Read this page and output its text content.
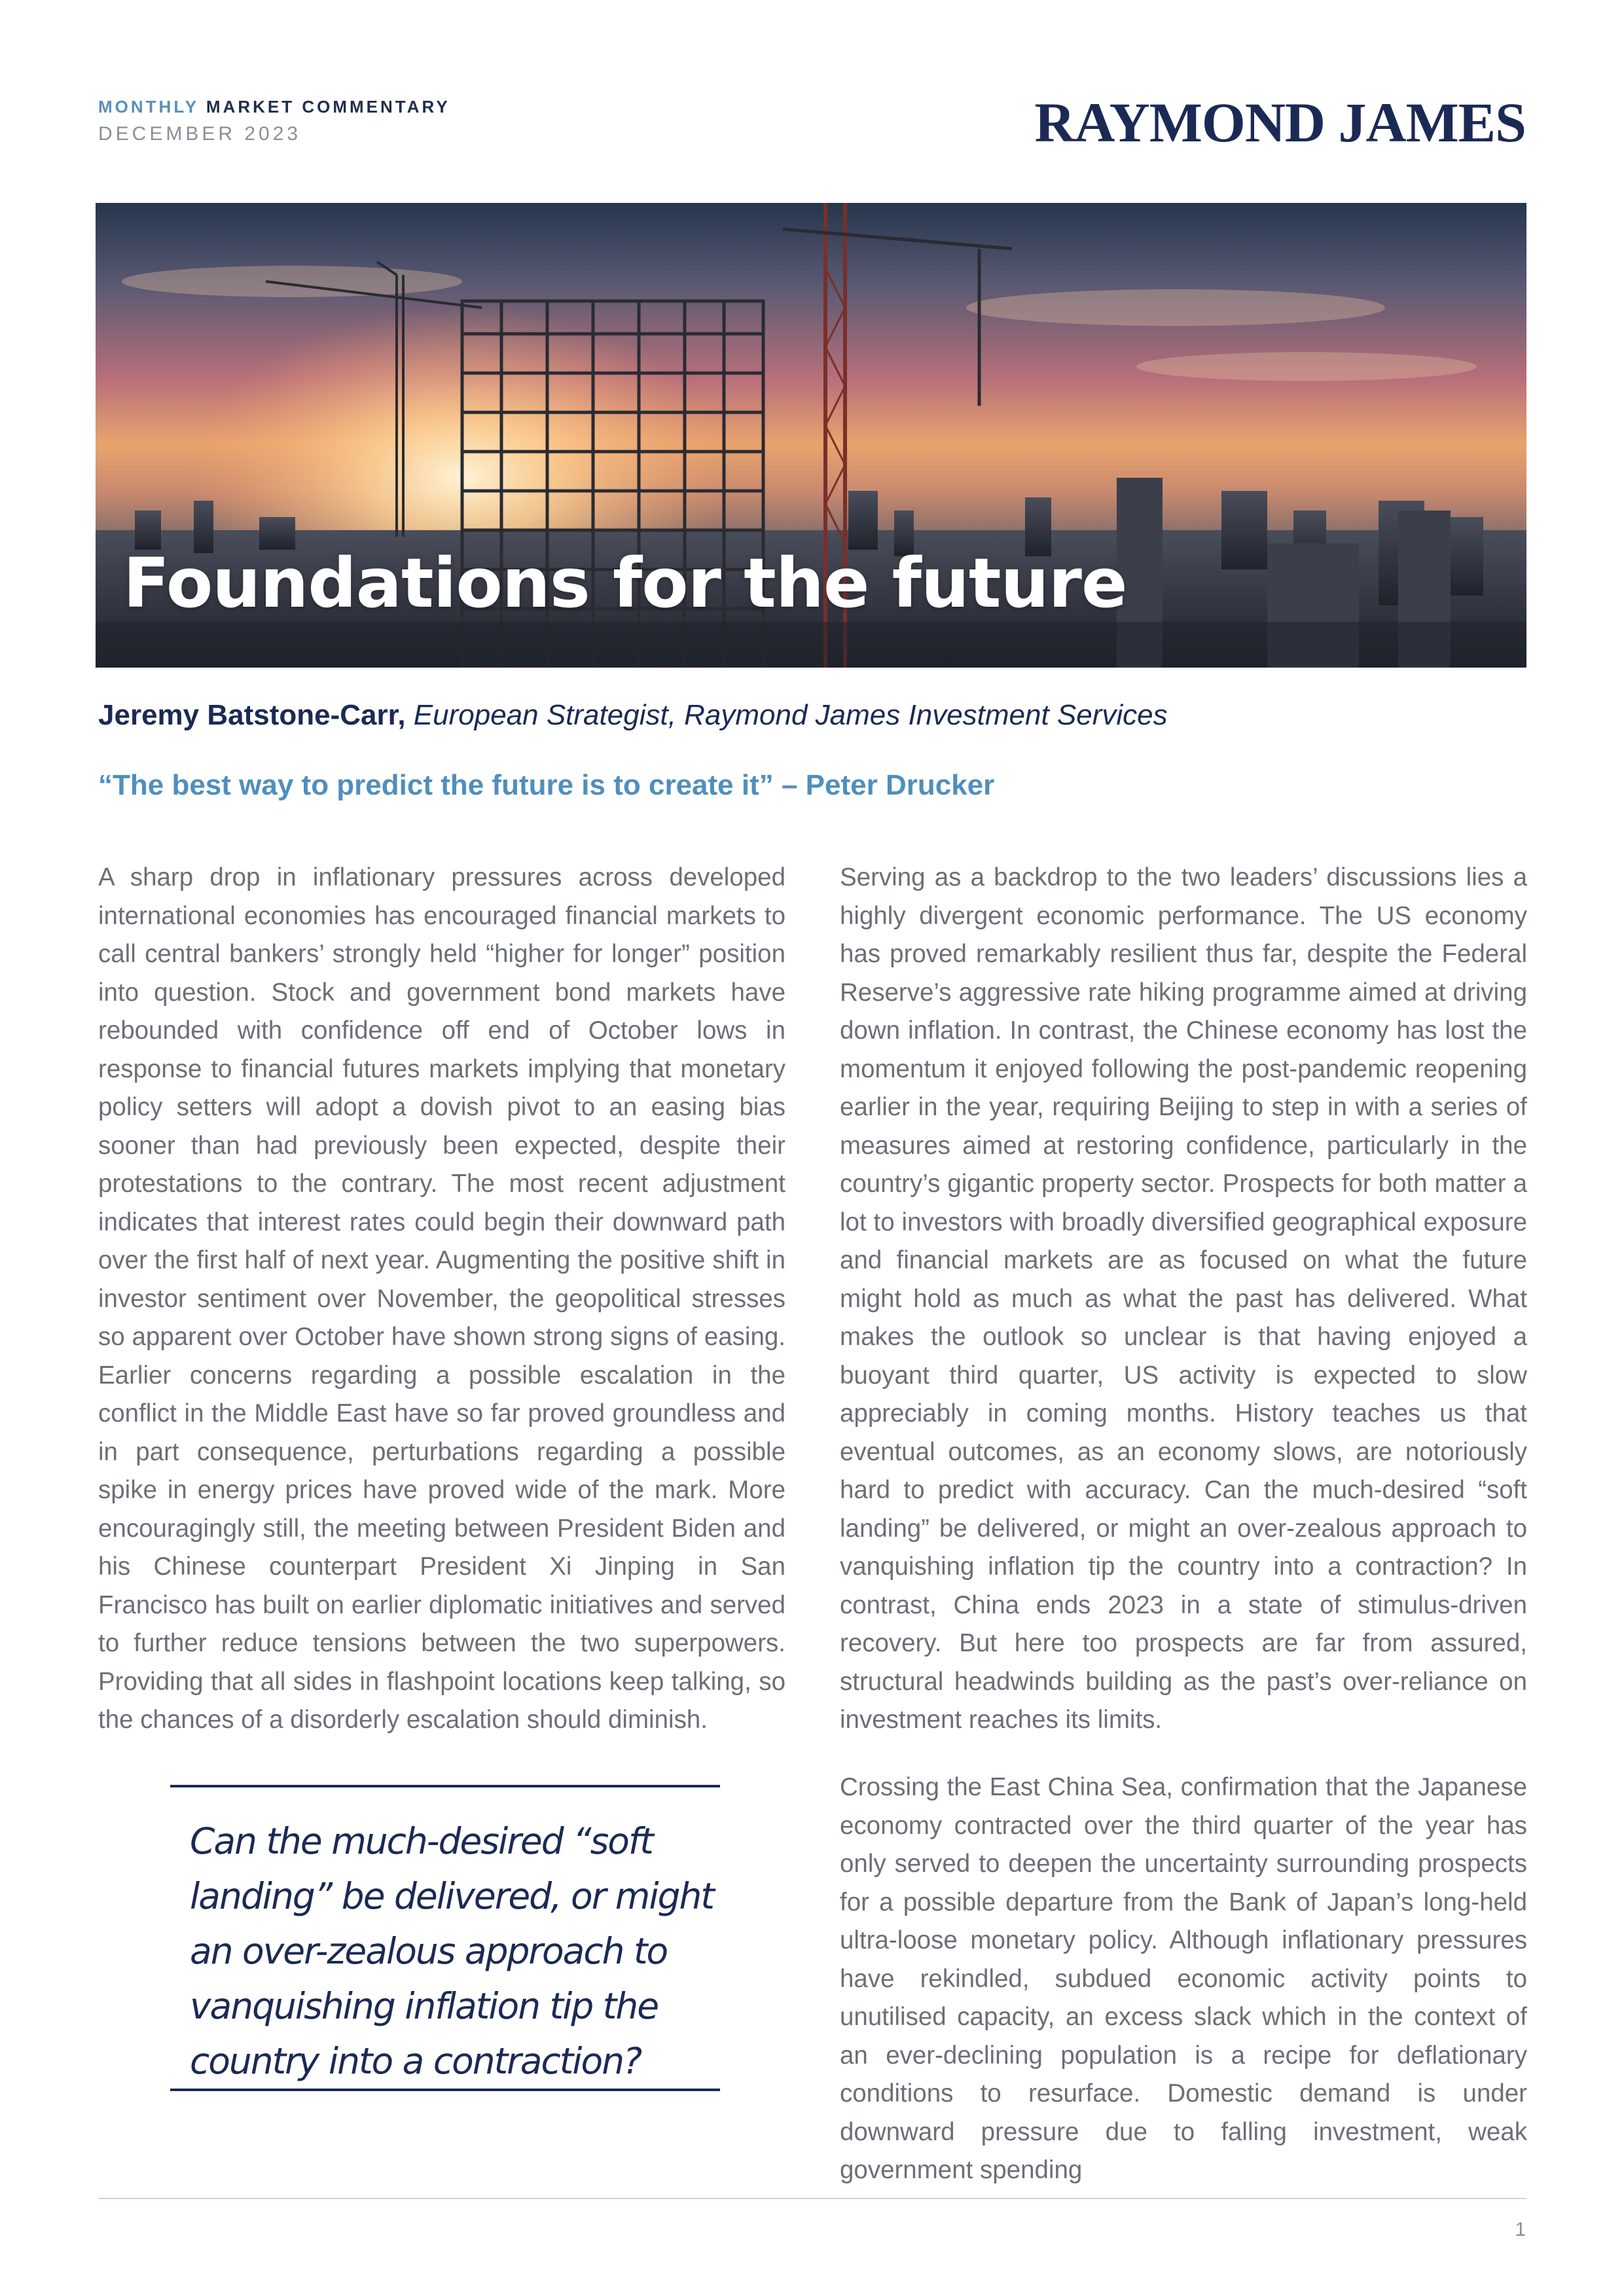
MONTHLY MARKET COMMENTARY
DECEMBER 2023	RAYMOND JAMES
Foundations for the future
Jeremy Batstone-Carr, European Strategist, Raymond James Investment Services
“The best way to predict the future is to create it” – Peter Drucker
A sharp drop in inflationary pressures across developed international economies has encouraged financial markets to call central bankers’ strongly held “higher for longer” position into question. Stock and government bond markets have rebounded with confidence off end of October lows in response to financial futures markets implying that monetary policy setters will adopt a dovish pivot to an easing bias sooner than had previously been expected, despite their protestations to the contrary. The most recent adjustment indicates that interest rates could begin their downward path over the first half of next year. Augmenting the positive shift in investor sentiment over November, the geopolitical stresses so apparent over October have shown strong signs of easing. Earlier concerns regarding a possible escalation in the conflict in the Middle East have so far proved groundless and in part consequence, perturbations regarding a possible spike in energy prices have proved wide of the mark. More encouragingly still, the meeting between President Biden and his Chinese counterpart President Xi Jinping in San Francisco has built on earlier diplomatic initiatives and served to further reduce tensions between the two superpowers. Providing that all sides in flashpoint locations keep talking, so the chances of a disorderly escalation should diminish.
Serving as a backdrop to the two leaders’ discussions lies a highly divergent economic performance. The US economy has proved remarkably resilient thus far, despite the Federal Reserve’s aggressive rate hiking programme aimed at driving down inflation. In contrast, the Chinese economy has lost the momentum it enjoyed following the post-pandemic reopening earlier in the year, requiring Beijing to step in with a series of measures aimed at restoring confidence, particularly in the country’s gigantic property sector. Prospects for both matter a lot to investors with broadly diversified geographical exposure and financial markets are as focused on what the future might hold as much as what the past has delivered. What makes the outlook so unclear is that having enjoyed a buoyant third quarter, US activity is expected to slow appreciably in coming months. History teaches us that eventual outcomes, as an economy slows, are notoriously hard to predict with accuracy. Can the much-desired “soft landing” be delivered, or might an over-zealous approach to vanquishing inflation tip the country into a contraction? In contrast, China ends 2023 in a state of stimulus-driven recovery. But here too prospects are far from assured, structural headwinds building as the past’s over-reliance on investment reaches its limits.
Crossing the East China Sea, confirmation that the Japanese economy contracted over the third quarter of the year has only served to deepen the uncertainty surrounding prospects for a possible departure from the Bank of Japan’s long-held ultra-loose monetary policy. Although inflationary pressures have rekindled, subdued economic activity points to unutilised capacity, an excess slack which in the context of an ever-declining population is a recipe for deflationary conditions to resurface. Domestic demand is under downward pressure due to falling investment, weak government spending
Can the much-desired “soft landing” be delivered, or might an over-zealous approach to vanquishing inflation tip the country into a contraction?
1
